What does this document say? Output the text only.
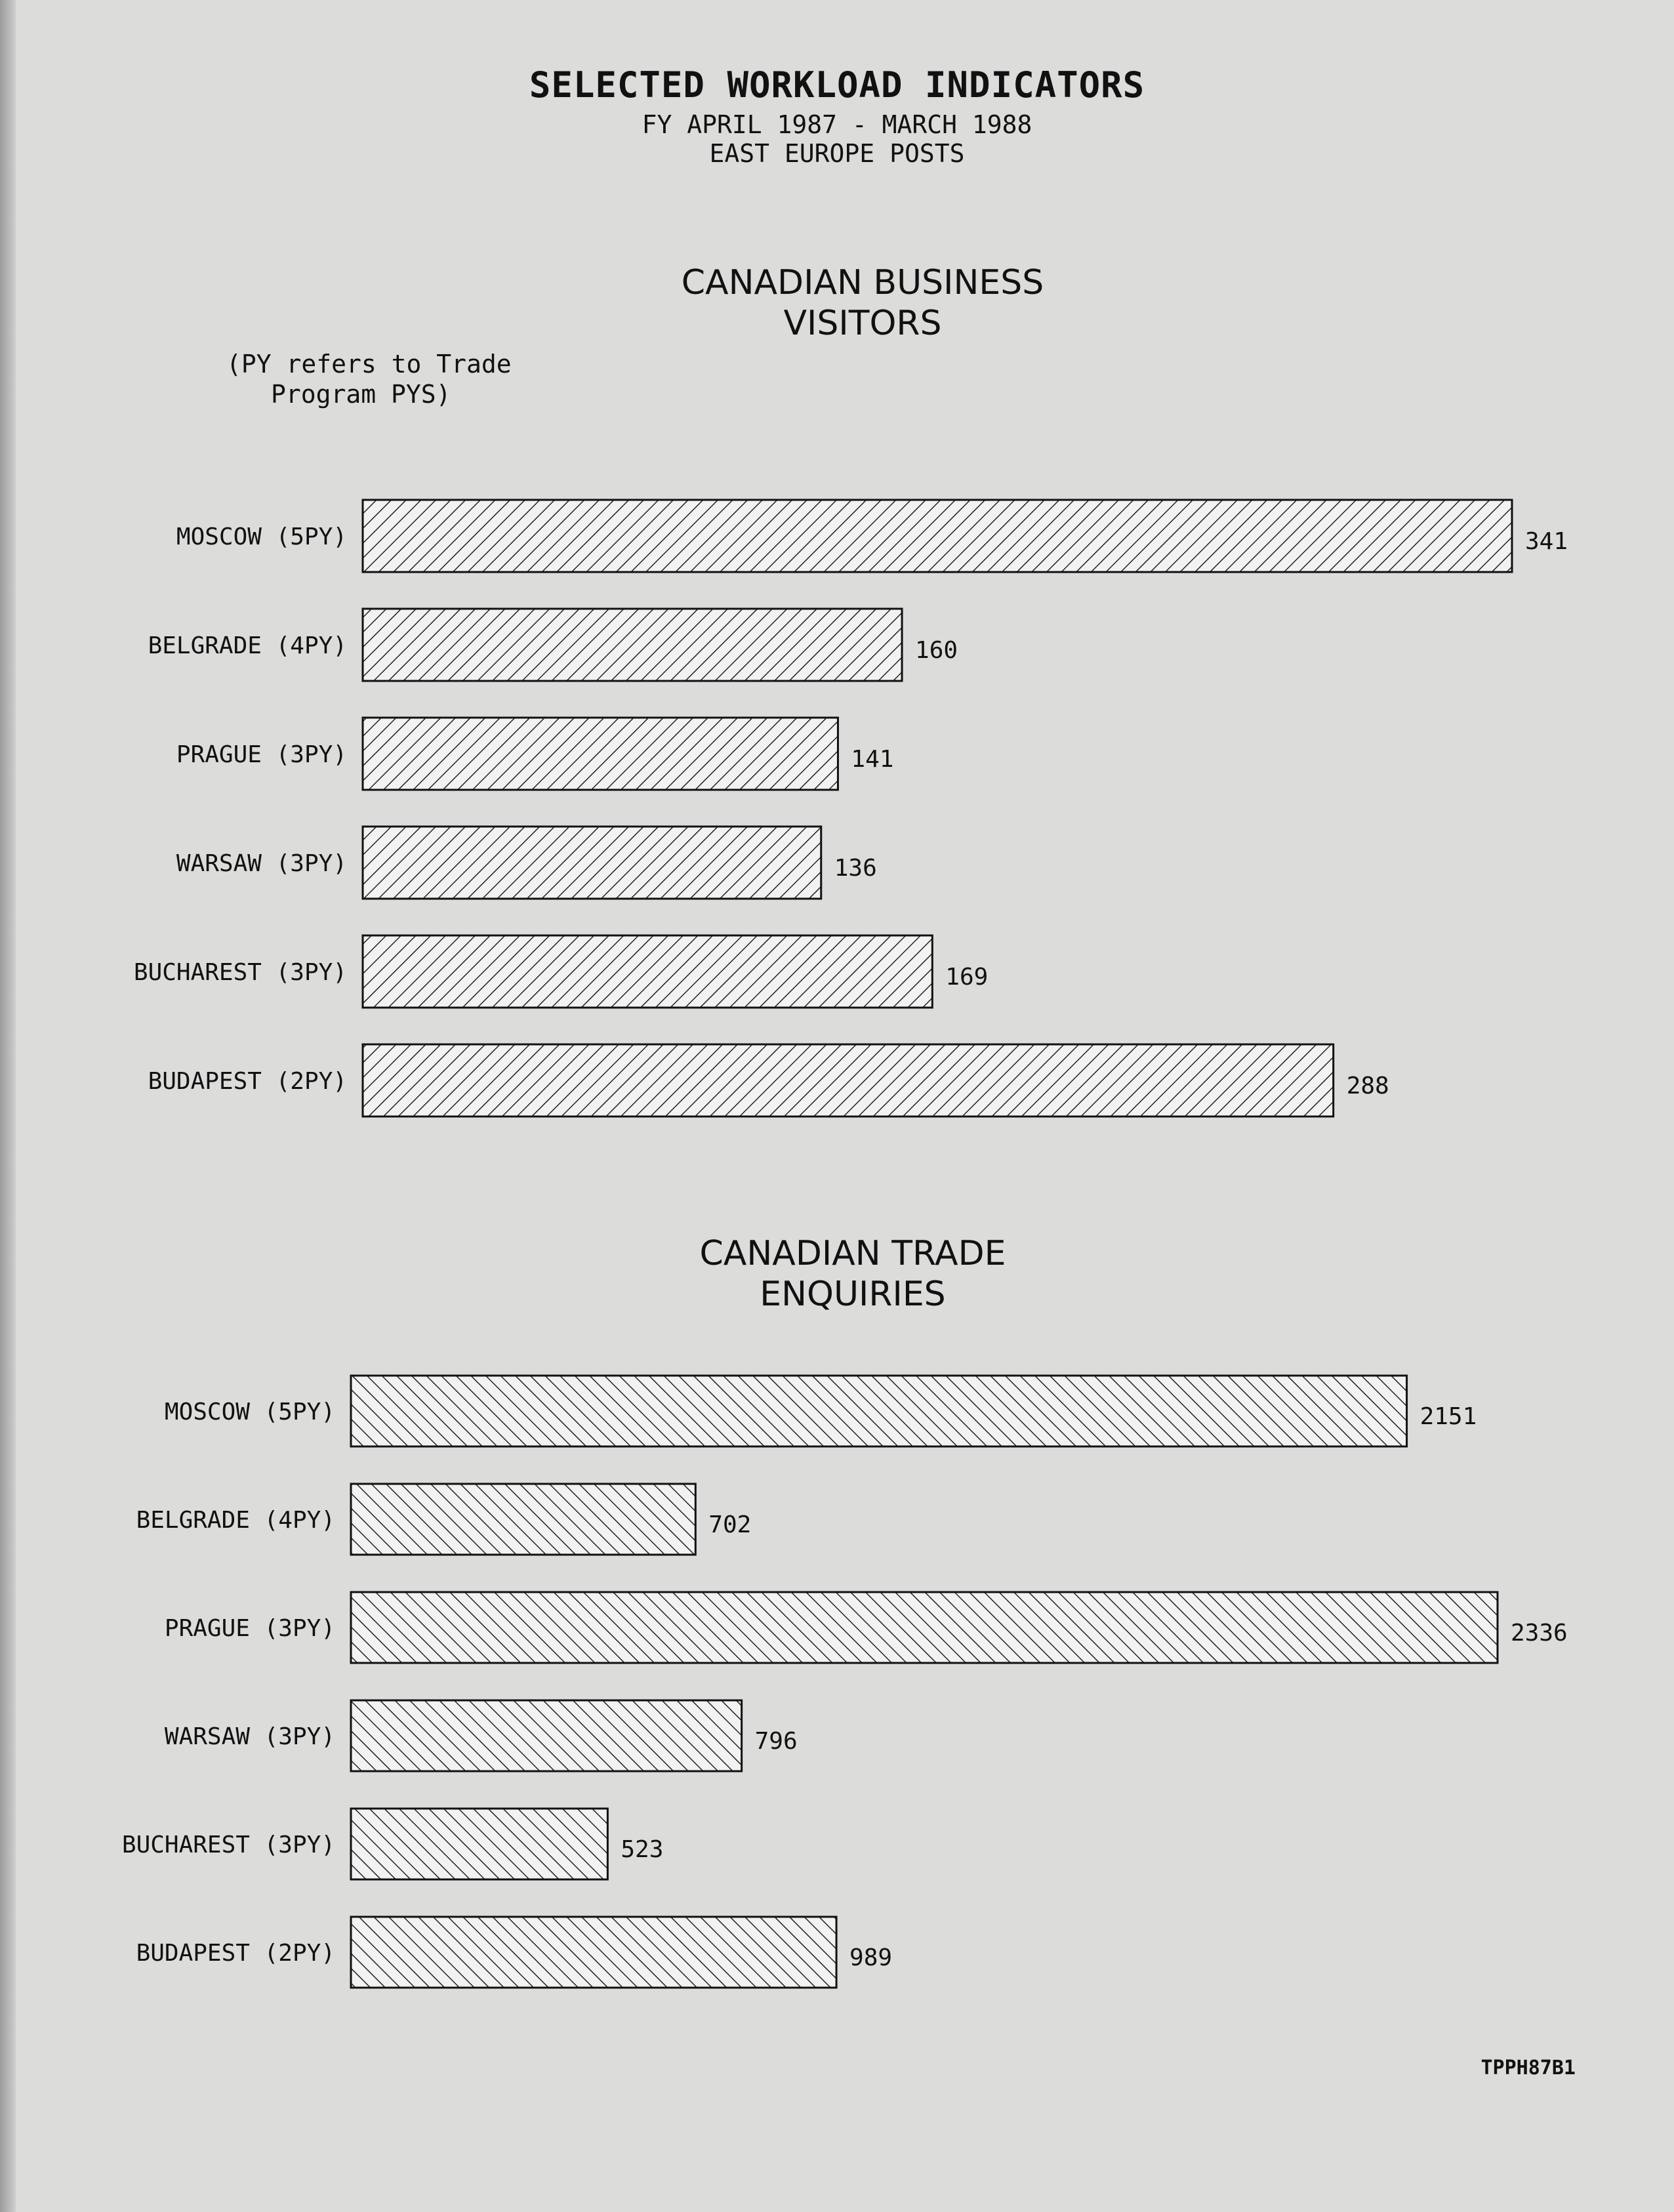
SELECTED WORKLOAD INDICATORS
FY APRIL 1987 - MARCH 1988
EAST EUROPE POSTS
CANADIAN BUSINESS
VISITORS
(PY refers to Trade
Program PYS)
CANADIAN TRADE
ENQUIRIES
MOSCOW (5PY)	341
BELGRADE (4PY)	160
PRAGUE (3PY)	141
WARSAW (3PY)	136
BUCHAREST (3PY)	169
BUDAPEST (2PY)	288
MOSCOW (5PY)	2151
BELGRADE (4PY)	702
PRAGUE (3PY)	2336
WARSAW (3PY)	796
BUCHAREST (3PY)	523
BUDAPEST (2PY)	989
TPPH87B1
